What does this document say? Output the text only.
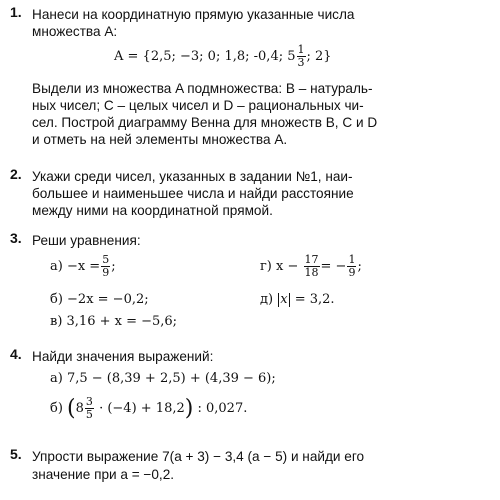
1. Нанеси на координатную прямую указанные числа
множества A:
A = {2,5; −3; 0; 1,8; -0,4; $5 \frac{1}{3}$ ; 2}
Выдели из множества A подмножества: B – натураль-
ных чисел; C – целых чисел и D – рациональных чи-
сел. Построй диаграмму Венна для множеств B, C и D
и отметь на ней элементы множества A.
2. Укажи среди чисел, указанных в задании №1, наи-
большее и наименьшее числа и найди расстояние
между ними на координатной прямой.
3. Реши уравнения:
$а) -x = \frac{5}{9}$ ;	г) $x - \frac{17}{18}$ = − $\frac{1}{9}$ ;
б) −2x = −0,2;	д) x = 3,2.
в) 3,16 + x = −5,6;
4. Найди значения выражений:
а) 7,5 − (8,39 + 2,5) + (4,39 − 6);
б) $(8 \frac{3}{5} \cdot (-4) + 18,2)$ : 0,027.
5. Упрости выражение 7(a + 3) − 3,4 (a − 5) и найди его
значение при a = −0,2.
